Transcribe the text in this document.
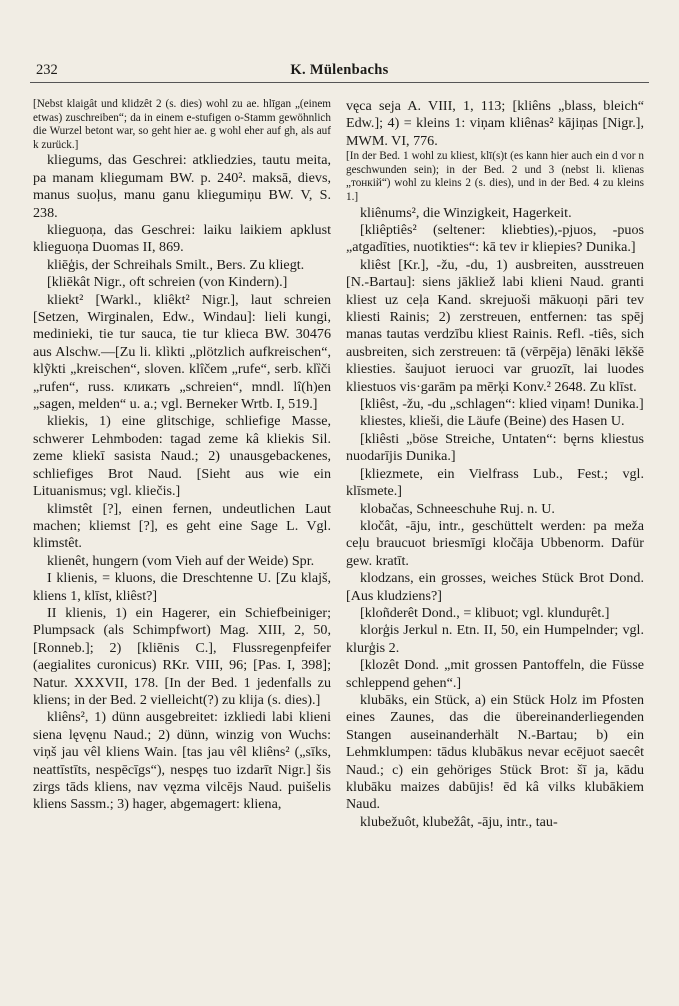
232	K. Mülenbachs

[Nebst klaigât und klidzêt 2 (s. dies) wohl zu ae. hlīgan „(einem etwas) zuschreiben“; da in einem e-stufigen o-Stamm gewöhnlich die Wurzel betont war, so geht hier ae. g wohl eher auf gh, als auf k zurück.]

kliegums, das Geschrei: atkliedzies, tautu meita, pa manam kliegumam BW. p. 240². maksā, dievs, manus suoļus, manu ganu kliegumiņu BW. V, S. 238.

klieguoņa, das Geschrei: laiku laikiem apklust klieguoņa Duomas II, 869.

kliēģis, der Schreihals Smilt., Bers. Zu kliegt.

[kliēkât Nigr., oft schreien (von Kindern).]

kliekt² [Warkl., kliêkt² Nigr.], laut schreien [Setzen, Wirginalen, Edw., Windau]: lieli kungi, medinieki, tie tur sauca, tie tur klieca BW. 30476 aus Alschw.—[Zu li. klìkti „plötzlich aufkreischen“, klỹkti „kreischen“, sloven. klîčem „rufe“, serb. klȉči „rufen“, russ. кликать „schreien“, mndl. lî(h)en „sagen, melden“ u. a.; vgl. Berneker Wrtb. I, 519.]

kliekis, 1) eine glitschige, schliefige Masse, schwerer Lehmboden: tagad zeme kâ kliekis Sil. zeme kliekī sasista Naud.; 2) unausgebackenes, schliefiges Brot Naud. [Sieht aus wie ein Lituanismus; vgl. kliečis.]

klimstêt [?], einen fernen, undeutlichen Laut machen; kliemst [?], es geht eine Sage L. Vgl. klimstêt.

klienêt, hungern (vom Vieh auf der Weide) Spr.

I klienis, = kluons, die Dreschtenne U. [Zu klajš, kliens 1, klīst, kliêst?]

II klienis, 1) ein Hagerer, ein Schiefbeiniger; Plumpsack (als Schimpfwort) Mag. XIII, 2, 50, [Ronneb.]; 2) [kliēnis C.], Flussregenpfeifer (aegialites curonicus) RKr. VIII, 96; [Pas. I, 398]; Natur. XXXVII, 178. [In der Bed. 1 jedenfalls zu kliens; in der Bed. 2 vielleicht(?) zu klija (s. dies).]

kliêns², 1) dünn ausgebreitet: izkliedi labi klieni siena lęvęnu Naud.; 2) dünn, winzig von Wuchs: viņš jau vêl kliens Wain. [tas jau vêl kliêns² („sīks, neattīstīts, nespēcīgs“), nespęs tuo izdarīt Nigr.] šis zirgs tāds kliens, nav vęzma vilcējs Naud. puišelis kliens Sassm.; 3) hager, abgemagert: kliena,

vęca seja A. VIII, 1, 113; [kliêns „blass, bleich“ Edw.]; 4) = kleins 1: viņam kliênas² kājiņas [Nigr.], MWM. VI, 776.

[In der Bed. 1 wohl zu kliest, klī(s)t (es kann hier auch ein d vor n geschwunden sein); in der Bed. 2 und 3 (nebst li. klìenas „тонкій“) wohl zu kleins 2 (s. dies), und in der Bed. 4 zu kleins 1.]

kliênums², die Winzigkeit, Hagerkeit.

[kliêptiês² (seltener: kliebties),-pjuos, -puos „atgadīties, nuotikties“: kā tev ir kliepies? Dunika.]

kliêst [Kr.], -žu, -du, 1) ausbreiten, ausstreuen [N.-Bartau]: siens jākliež labi klieni Naud. granti kliest uz ceļa Kand. skrejuoši mākuoņi pāri tev kliesti Rainis; 2) zerstreuen, entfernen: tas spēj manas tautas verdzību kliest Rainis. Refl. -tiês, sich ausbreiten, sich zerstreuen: tā (vērpēja) lēnāki lēkšē kliesties. šaujuot ieruoci var gruozīt, lai luodes kliestuos vis·garām pa mērķi Konv.² 2648. Zu klīst.

[kliêst, -žu, -du „schlagen“: klied viņam! Dunika.]

kliestes, klieši, die Läufe (Beine) des Hasen U.

[kliêsti „böse Streiche, Untaten“: bęrns kliestus nuodarījis Dunika.]

[kliezmete, ein Vielfrass Lub., Fest.; vgl. klīsmete.]

klobačas, Schneeschuhe Ruj. n. U.

kločât, -āju, intr., geschüttelt werden: pa meža ceļu braucuot briesmīgi kločāja Ubbenorm. Dafür gew. kratīt.

klodzans, ein grosses, weiches Stück Brot Dond. [Aus kludziens?]

[kloñderêt Dond., = klibuot; vgl. klunduŗêt.]

klorģis Jerkul n. Etn. II, 50, ein Humpelnder; vgl. klurģis 2.

[klozêt Dond. „mit grossen Pantoffeln, die Füsse schleppend gehen“.]

klubāks, ein Stück, a) ein Stück Holz im Pfosten eines Zaunes, das die übereinanderliegenden Stangen auseinanderhält N.-Bartau; b) ein Lehmklumpen: tādus klubākus nevar ecējuot saecêt Naud.; c) ein gehöriges Stück Brot: šī ja, kādu klubāku maizes dabūjis! ēd kâ vilks klubākiem Naud.

klubežuôt, klubežât, -āju, intr., tau-
